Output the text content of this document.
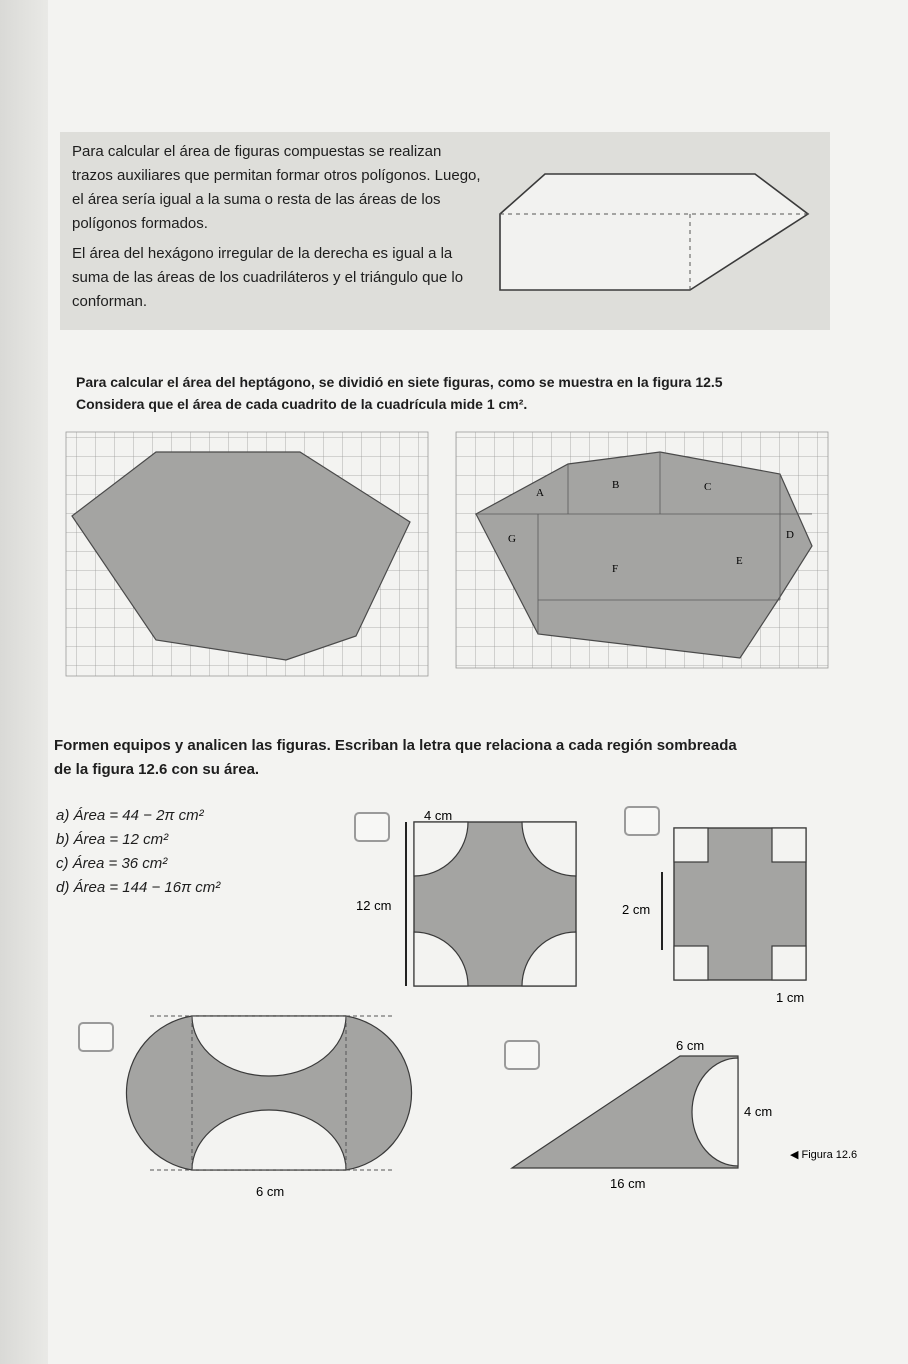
Para calcular el área de figuras compuestas se realizan trazos auxiliares que permitan formar otros polígonos. Luego, el área sería igual a la suma o resta de las áreas de los polígonos formados.

El área del hexágono irregular de la derecha es igual a la suma de las áreas de los cuadriláteros y el triángulo que lo conforman.

Para calcular el área del heptágono, se dividió en siete figuras, como se muestra en la figura 12.5
Considera que el área de cada cuadrito de la cuadrícula mide 1 cm².
Formen equipos y analicen las figuras. Escriban la letra que relaciona a cada región sombreada
de la figura 12.6 con su área.
a) Área = 44 − 2π cm²
b) Área = 12 cm²
c) Área = 36 cm²
d) Área = 144 − 16π cm²
A
B	C
D
E
F
G
4 cm
12 cm	2 cm
1 cm
6 cm
6 cm
4 cm
16 cm
◀ Figura 12.6
